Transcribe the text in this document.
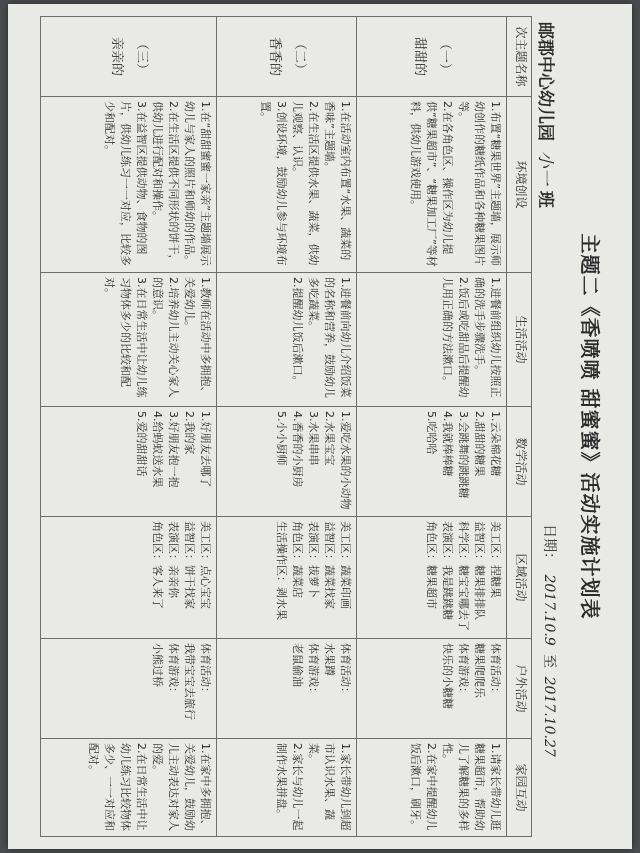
主题二《香喷喷 甜蜜蜜》活动实施计划表
邮郡中心幼儿园 小一 班
日期： 2017.10.9 至 2017.10.27
次主题名称	环境创设	生活活动	数学活动	区域活动	户外活动	家园互动

（一）
甜甜的	1.布置“糖果世界”主题墙，展示师幼创作的糖纸作品和各种糖果图片等。
2.在各角色区、操作区为幼儿提供“糖果超市”、“糖果加工厂”等材料，供幼儿游戏使用。	1.进餐前组织幼儿按照正确的洗手步骤洗手。
2.饭后或吃甜品后提醒幼儿用正确的方法漱口。	1.云朵棉花糖
2.甜甜的糖果
3.会跳舞的跳跳糖
4.我就棒棒糖
5.吃哈哈	美工区：捏糖果
益智区：糖果排排队
科学区：糖宝宝哪去了
表演区：我是跳跳糖
角色区：糖果超市	体育活动：
糖果爬爬乐
体育游戏：
快乐的小糖糖	1.请家长带幼儿逛糖果超市，帮助幼儿了解糖果的多样性。
2.在家中提醒幼儿饭后漱口，刷牙。

（二）
香香的	1.在活动室内布置“水果、蔬菜的香味”主题墙。
2.在生活区提供水果、蔬菜，供幼儿观察、认识。
3.创设环境，鼓励幼儿参与环境布置。	1.进餐前向幼儿介绍饭菜的名称和营养，鼓励幼儿多吃蔬菜。
2.提醒幼儿饭后漱口。	1.爱吃水果的小动物
2.水果宝宝
3.水果串串
4.香香的小厨房
5.小小厨师	美工区：蔬菜印画
益智区：蔬菜找家
表演区：拔萝卜
角色区：蔬菜店
生活操作区：剥水果	体育活动：
水果蹲
体育游戏：
老鼠偷油	1.家长带幼儿到超市认识水果、蔬菜。
2.家长与幼儿一起制作水果拼盘。

（三）
亲亲的	1.在“甜甜蜜蜜一家亲”主题墙展示幼儿与家人的照片和师幼的作品。
2.在生活区提供不同形状的饼干，供幼儿进行配对和操作。
3.在益智区提供动物、食物的图片，供幼儿练习一一对应，比较多少和配对。	1.教师在活动中多拥抱、关爱幼儿。
2.培养幼儿主动关心家人的意识。
3.在日常生活中让幼儿练习物体多少的比较和配对。	1.好朋友去哪了
2.我的家
3.好朋友抱一抱
4.给蚂蚁送水果
5.爱的甜甜话	美工区：点心宝宝
益智区：饼干找家
表演区：亲亲你
角色区：客人来了	体育活动：
我带宝宝去旅行
体育游戏：
小熊过桥	1.在家中多拥抱、关爱幼儿，鼓励幼儿主动表达对家人的爱。
2.在日常生活中让幼儿练习比较物体多少、一一对应和配对。
